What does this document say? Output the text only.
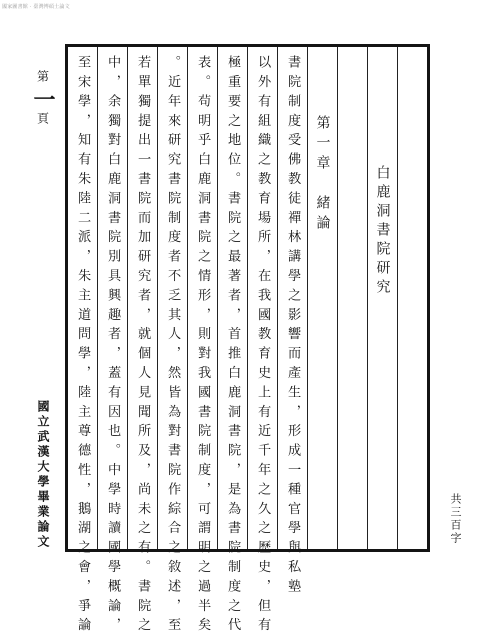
國家圖書館 · 臺灣博碩士論文
第
一
頁
國立武漢大學畢業論文	共三百字
白鹿洞書院研究
第一章　緒論
書院制度受佛教徒禪林講學之影響而產生，形成一種官學與私塾
以外有組織之教育場所，在我國教育史上有近千年之久之歷史，但有
極重要之地位。書院之最著者，首推白鹿洞書院，是為書院制度之代
表。茍明乎白鹿洞書院之情形，則對我國書院制度，可謂明之過半矣
。近年來研究書院制度者不乏其人，然皆為對書院作綜合之敘述，至
若單獨提出一書院而加研究者，就個人見聞所及，尚未之有。書院之
中，余獨對白鹿洞書院別具興趣者，蓋有因也。中學時讀國學概論，
至宋學，知有朱陸二派，朱主道問學，陸主尊德性，鵝湖之會，爭論
